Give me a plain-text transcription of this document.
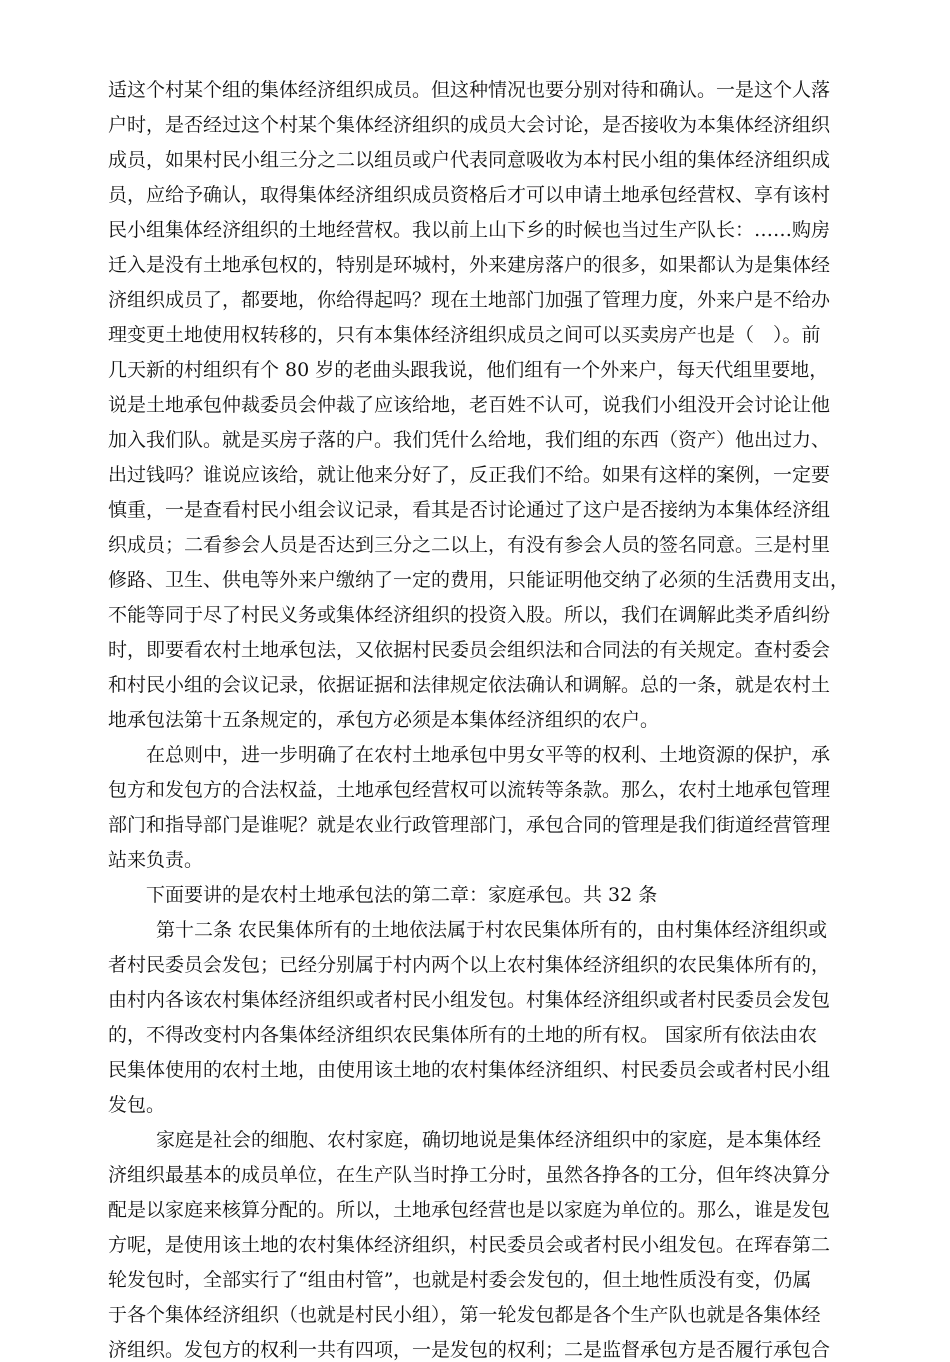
适这个村某个组的集体经济组织成员。但这种情况也要分别对待和确认。一是这个人落
户时，是否经过这个村某个集体经济组织的成员大会讨论，是否接收为本集体经济组织
成员，如果村民小组三分之二以组员或户代表同意吸收为本村民小组的集体经济组织成
员，应给予确认，取得集体经济组织成员资格后才可以申请土地承包经营权、享有该村
民小组集体经济组织的土地经营权。我以前上山下乡的时候也当过生产队长：……购房
迁入是没有土地承包权的，特别是环城村，外来建房落户的很多，如果都认为是集体经
济组织成员了，都要地，你给得起吗？现在土地部门加强了管理力度，外来户是不给办
理变更土地使用权转移的，只有本集体经济组织成员之间可以买卖房产也是（　）。前
几天新的村组织有个 80 岁的老曲头跟我说，他们组有一个外来户，每天代组里要地，
说是土地承包仲裁委员会仲裁了应该给地，老百姓不认可，说我们小组没开会讨论让他
加入我们队。就是买房子落的户。我们凭什么给地，我们组的东西（资产）他出过力、
出过钱吗？谁说应该给，就让他来分好了，反正我们不给。如果有这样的案例，一定要
慎重，一是查看村民小组会议记录，看其是否讨论通过了这户是否接纳为本集体经济组
织成员；二看参会人员是否达到三分之二以上，有没有参会人员的签名同意。三是村里
修路、卫生、供电等外来户缴纳了一定的费用，只能证明他交纳了必须的生活费用支出，
不能等同于尽了村民义务或集体经济组织的投资入股。所以，我们在调解此类矛盾纠纷
时，即要看农村土地承包法，又依据村民委员会组织法和合同法的有关规定。查村委会
和村民小组的会议记录，依据证据和法律规定依法确认和调解。总的一条，就是农村土
地承包法第十五条规定的，承包方必须是本集体经济组织的农户。
在总则中，进一步明确了在农村土地承包中男女平等的权利、土地资源的保护，承
包方和发包方的合法权益，土地承包经营权可以流转等条款。那么，农村土地承包管理
部门和指导部门是谁呢？就是农业行政管理部门，承包合同的管理是我们街道经营管理
站来负责。
下面要讲的是农村土地承包法的第二章：家庭承包。共 32 条
第十二条 农民集体所有的土地依法属于村农民集体所有的，由村集体经济组织或
者村民委员会发包；已经分别属于村内两个以上农村集体经济组织的农民集体所有的，
由村内各该农村集体经济组织或者村民小组发包。村集体经济组织或者村民委员会发包
的，不得改变村内各集体经济组织农民集体所有的土地的所有权。 国家所有依法由农
民集体使用的农村土地，由使用该土地的农村集体经济组织、村民委员会或者村民小组
发包。
家庭是社会的细胞、农村家庭，确切地说是集体经济组织中的家庭，是本集体经
济组织最基本的成员单位，在生产队当时挣工分时，虽然各挣各的工分，但年终决算分
配是以家庭来核算分配的。所以，土地承包经营也是以家庭为单位的。那么，谁是发包
方呢，是使用该土地的农村集体经济组织，村民委员会或者村民小组发包。在珲春第二
轮发包时，全部实行了“组由村管”，也就是村委会发包的，但土地性质没有变，仍属
于各个集体经济组织（也就是村民小组），第一轮发包都是各个生产队也就是各集体经
济组织。发包方的权利一共有四项，一是发包的权利；二是监督承包方是否履行承包合
